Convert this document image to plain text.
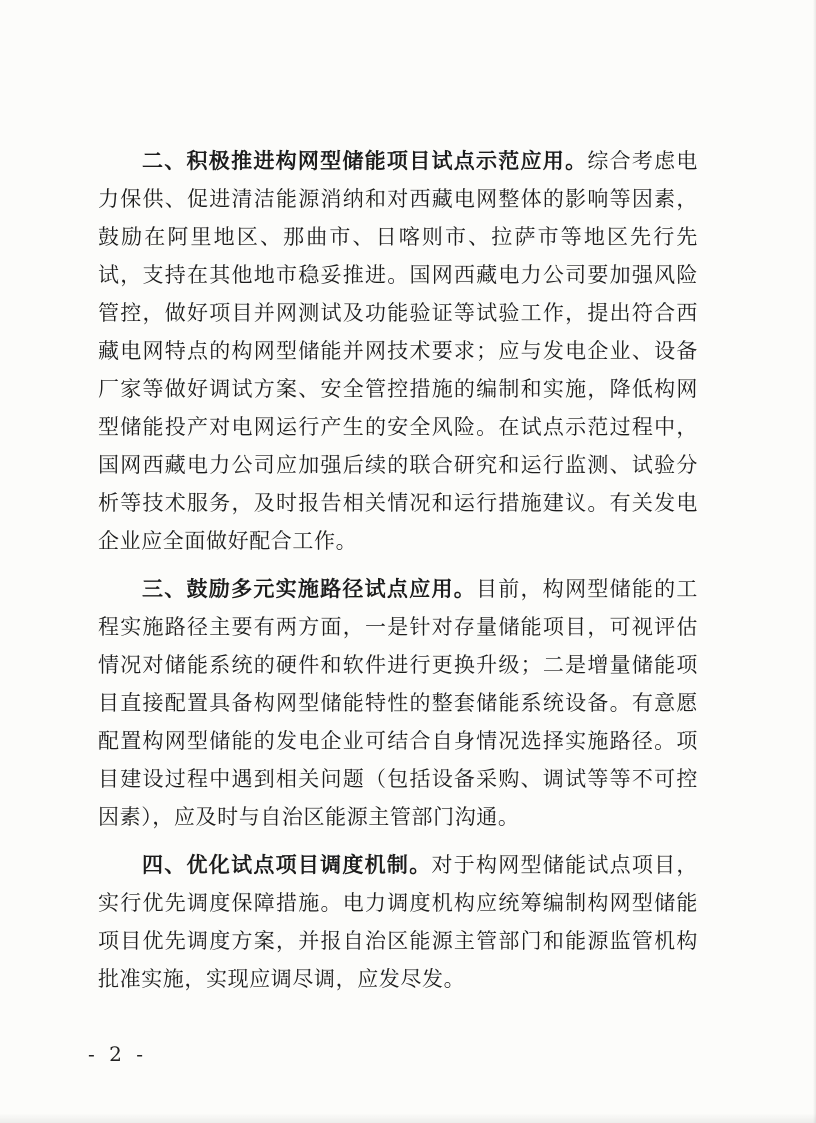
二、积极推进构网型储能项目试点示范应用。综合考虑电力保供、促进清洁能源消纳和对西藏电网整体的影响等因素，鼓励在阿里地区、那曲市、日喀则市、拉萨市等地区先行先试，支持在其他地市稳妥推进。国网西藏电力公司要加强风险管控，做好项目并网测试及功能验证等试验工作，提出符合西藏电网特点的构网型储能并网技术要求；应与发电企业、设备厂家等做好调试方案、安全管控措施的编制和实施，降低构网型储能投产对电网运行产生的安全风险。在试点示范过程中，国网西藏电力公司应加强后续的联合研究和运行监测、试验分析等技术服务，及时报告相关情况和运行措施建议。有关发电企业应全面做好配合工作。

三、鼓励多元实施路径试点应用。目前，构网型储能的工程实施路径主要有两方面，一是针对存量储能项目，可视评估情况对储能系统的硬件和软件进行更换升级；二是增量储能项目直接配置具备构网型储能特性的整套储能系统设备。有意愿配置构网型储能的发电企业可结合自身情况选择实施路径。项目建设过程中遇到相关问题（包括设备采购、调试等等不可控因素），应及时与自治区能源主管部门沟通。

四、优化试点项目调度机制。对于构网型储能试点项目，实行优先调度保障措施。电力调度机构应统筹编制构网型储能项目优先调度方案，并报自治区能源主管部门和能源监管机构批准实施，实现应调尽调，应发尽发。

- 2 -
